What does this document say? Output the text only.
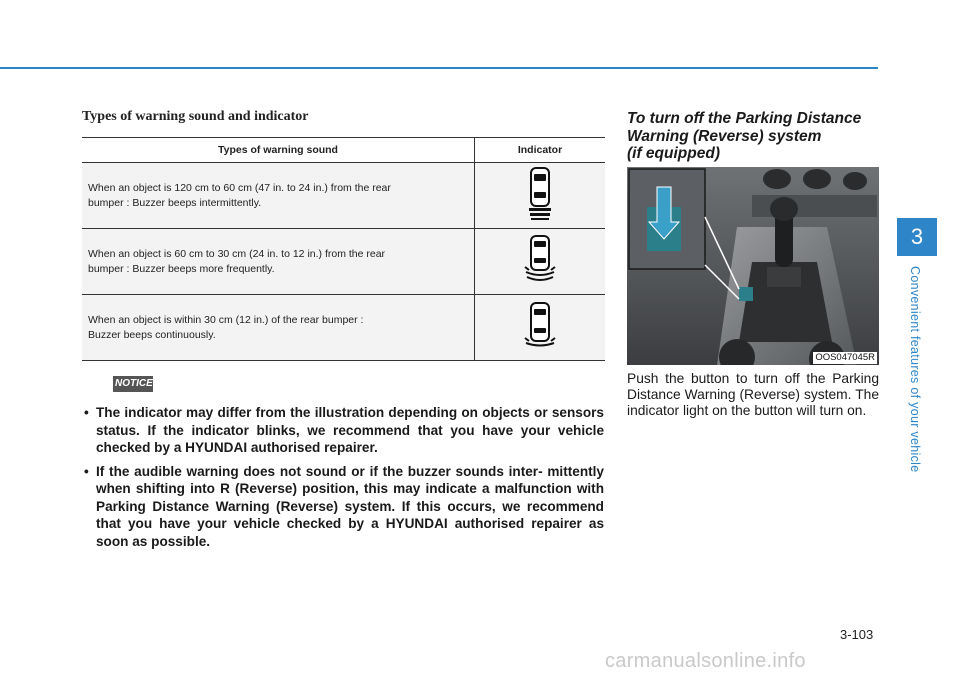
Types of warning sound and indicator
Types of warning sound	Indicator
When an object is 120 cm to 60 cm (47 in. to 24 in.) from the rear
bumper : Buzzer beeps intermittently.	
When an object is 60 cm to 30 cm (24 in. to 12 in.) from the rear
bumper : Buzzer beeps more frequently.	
When an object is within 30 cm (12 in.) of the rear bumper :
Buzzer beeps continuously.	
NOTICE
• The indicator may differ from the illustration depending on objects or sensors status. If the indicator blinks, we recommend that you have your vehicle checked by a HYUNDAI authorised repairer.
• If the audible warning does not sound or if the buzzer sounds inter- mittently when shifting into R (Reverse) position, this may indicate a malfunction with Parking Distance Warning (Reverse) system. If this occurs, we recommend that you have your vehicle checked by a HYUNDAI authorised repairer as soon as possible.
To turn off the Parking Distance
Warning (Reverse) system
(if equipped)
OOS047045R
Push the button to turn off the Parking Distance Warning (Reverse) system. The indicator light on the button will turn on.
3
Convenient features of your vehicle
3-103
carmanualsonline.info
